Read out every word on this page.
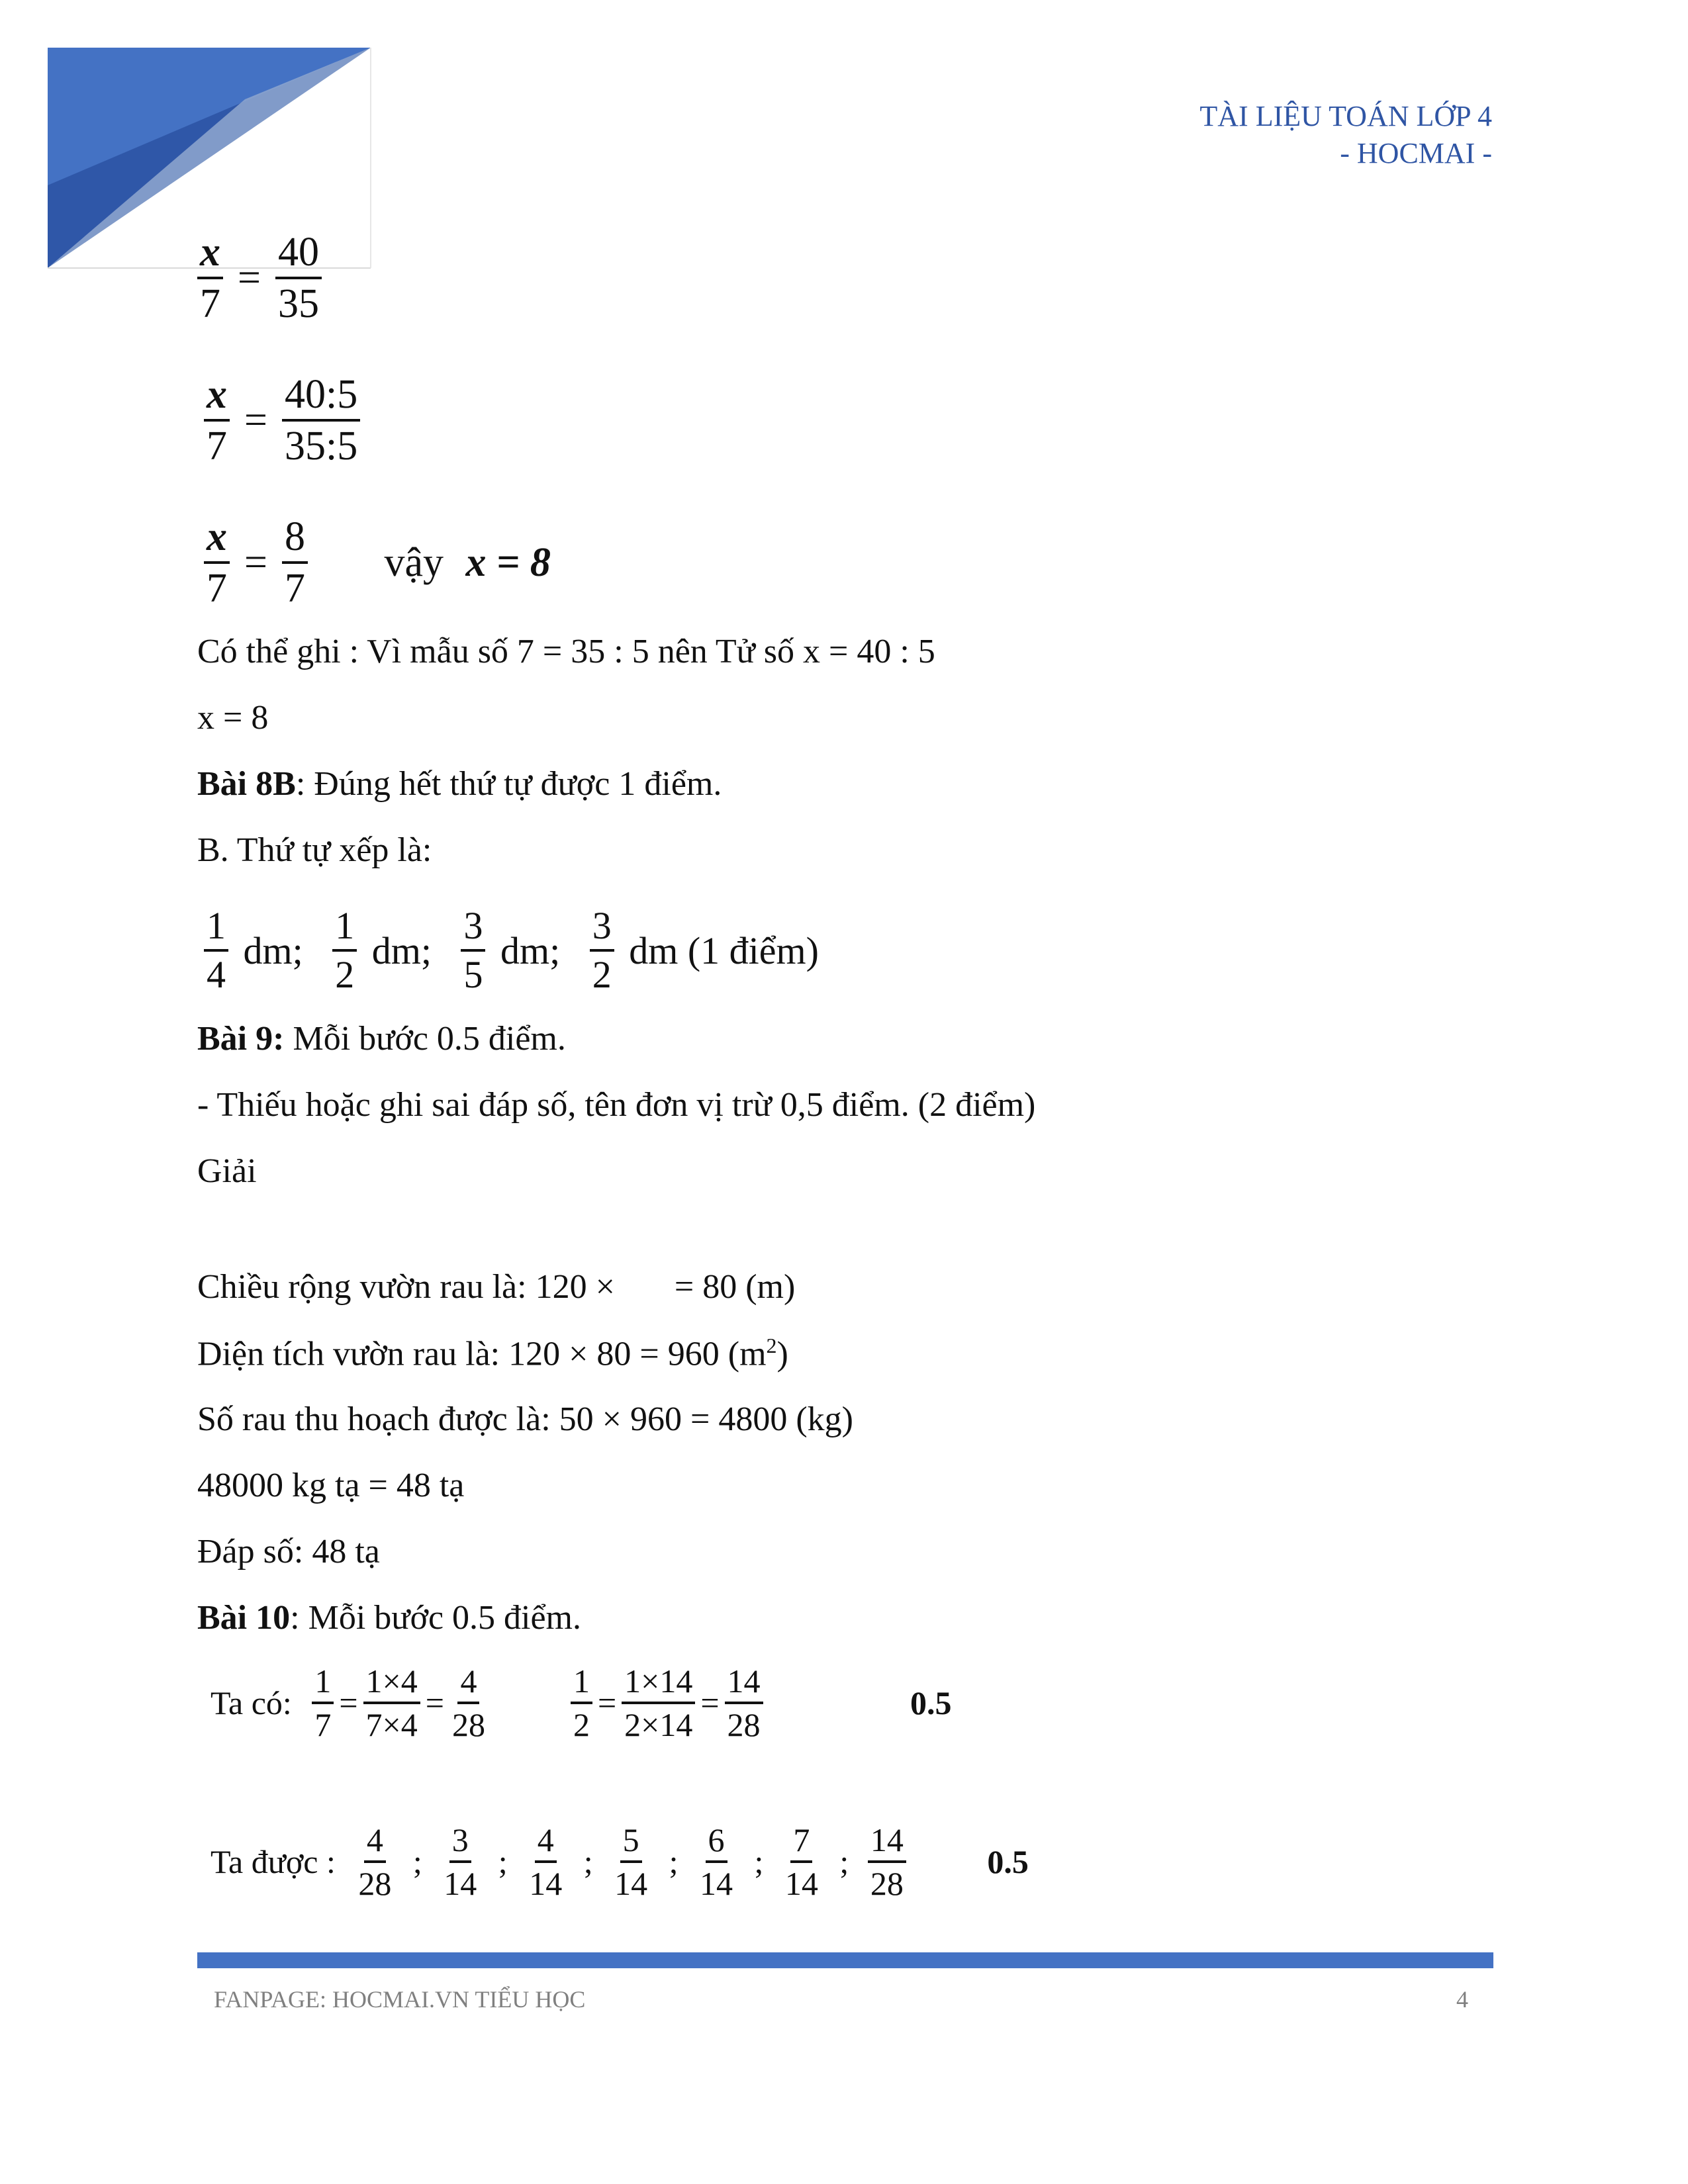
TÀI LIỆU TOÁN LỚP 4
- HOCMAI -
$\frac{x}{7} = \frac{40}{35}$
$\frac{x}{7} = \frac{40:5}{35:5}$
$\frac{x}{7} = \frac{8}{7}$ vậy x = 8
Có thể ghi : Vì mẫu số 7 = 35 : 5 nên Tử số x = 40 : 5
x = 8
Bài 8B: Đúng hết thứ tự được 1 điểm.
B. Thứ tự xếp là:
$\frac{1}{4}$ dm; $\frac{1}{2}$ dm; $\frac{3}{5}$ dm; $\frac{3}{2}$ dm (1 điểm)
Bài 9: Mỗi bước 0.5 điểm.
- Thiếu hoặc ghi sai đáp số, tên đơn vị trừ 0,5 điểm. (2 điểm)
Giải
Chiều rộng vườn rau là: 120 × = 80 (m)
Diện tích vườn rau là: 120 × 80 = 960 $(m^2)$
Số rau thu hoạch được là: 50 × 960 = 4800 (kg)
48000 kg tạ = 48 tạ
Đáp số: 48 tạ
Bài 10: Mỗi bước 0.5 điểm.
Ta có: $\frac{1}{7} = \frac{1\times 4}{7\times 4} = \frac{4}{28}$
	$\frac{1}{2} = \frac{1\times 14}{2\times 14} = \frac{14}{28}$	0.5
Ta được : $\frac{4}{28}$ ; $\frac{3}{14}$ ; $\frac{4}{14}$ ; $\frac{5}{14}$ ; $\frac{6}{14}$ ; $\frac{7}{14}$ ; $\frac{14}{28} 0.5$
FANPAGE: HOCMAI.VN TIỂU HỌC	4
